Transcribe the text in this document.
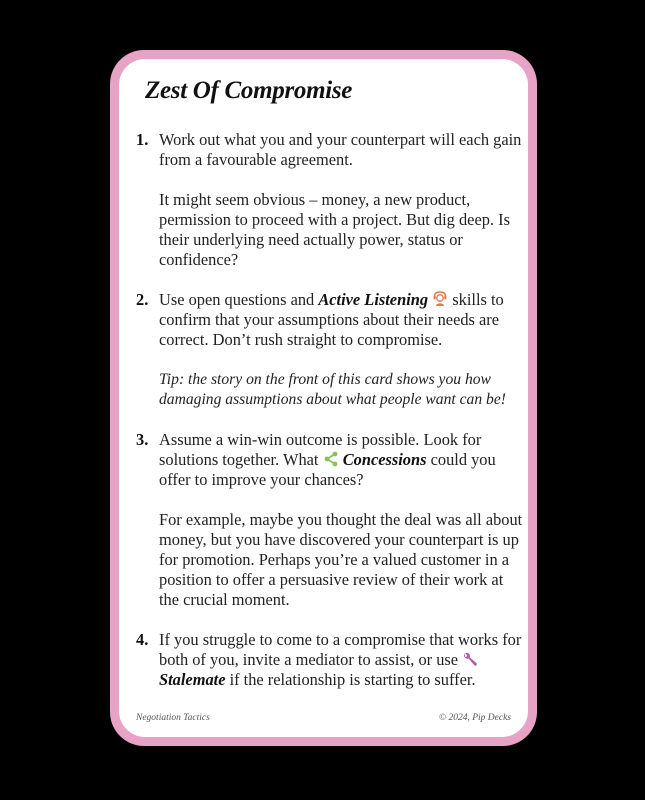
Zest Of Compromise
1. Work out what you and your counterpart will each gain from a favourable agreement.

It might seem obvious – money, a new product, permission to proceed with a project. But dig deep. Is their underlying need actually power, status or confidence?

2. Use open questions and Active Listening
skills to confirm that your assumptions about their needs are correct. Don’t rush straight to compromise.

Tip: the story on the front of this card shows you how damaging assumptions about what people want can be!

3. Assume a win-win outcome is possible. Look for solutions together. What
Concessions could you offer to improve your chances?

For example, maybe you thought the deal was all about money, but you have discovered your counterpart is up for promotion. Perhaps you’re a valued customer in a position to offer a persuasive review of their work at the crucial moment.

4. If you struggle to come to a compromise that works for both of you, invite a mediator to assist, or use
Stalemate if the relationship is starting to suffer.

Negotiation Tactics	© 2024, Pip Decks
